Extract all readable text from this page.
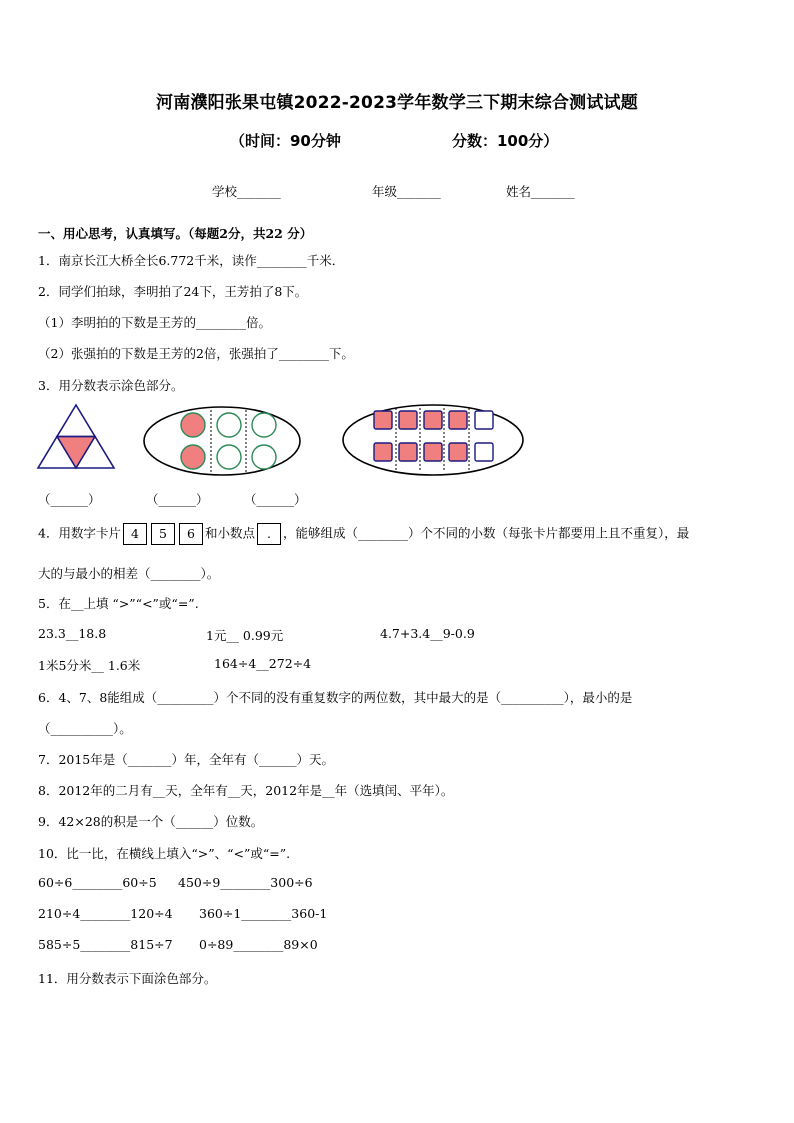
河南濮阳张果屯镇2022-2023学年数学三下期末综合测试试题
（时间：90分钟	分数：100分）
学校_______	年级_______	姓名_______
一、用心思考，认真填写。（每题2分，共22 分）
1．南京长江大桥全长6.772千米，读作________千米．
2．同学们拍球，李明拍了24下，王芳拍了8下。
（1）李明拍的下数是王芳的________倍。
（2）张强拍的下数是王芳的2倍，张强拍了________下。
3．用分数表示涂色部分。
（______）	（______）	（______）
4．用数字卡片 4 5 6 和小数点 . ，能够组成（________）个不同的小数（每张卡片都要用上且不重复），最
大的与最小的相差（________）。
5．在__上填 “>”“<”或“=”.
23.3__18.8	1元__ 0.99元	4.7+3.4__9-0.9
1米5分米__ 1.6米	164÷4__272÷4
6．4、7、8能组成（_________）个不同的没有重复数字的两位数，其中最大的是（__________），最小的是
（__________）。
7．2015年是（_______）年，全年有（______）天。
8．2012年的二月有__天，全年有__天，2012年是__年（选填闰、平年）。
9．42×28的积是一个（______）位数。
10．比一比，在横线上填入“>”、“<”或“=”.
60÷6________60÷5 450÷9________300÷6
210÷4________120÷4 360÷1________360-1
585÷5________815÷7 0÷89________89×0
11．用分数表示下面涂色部分。
